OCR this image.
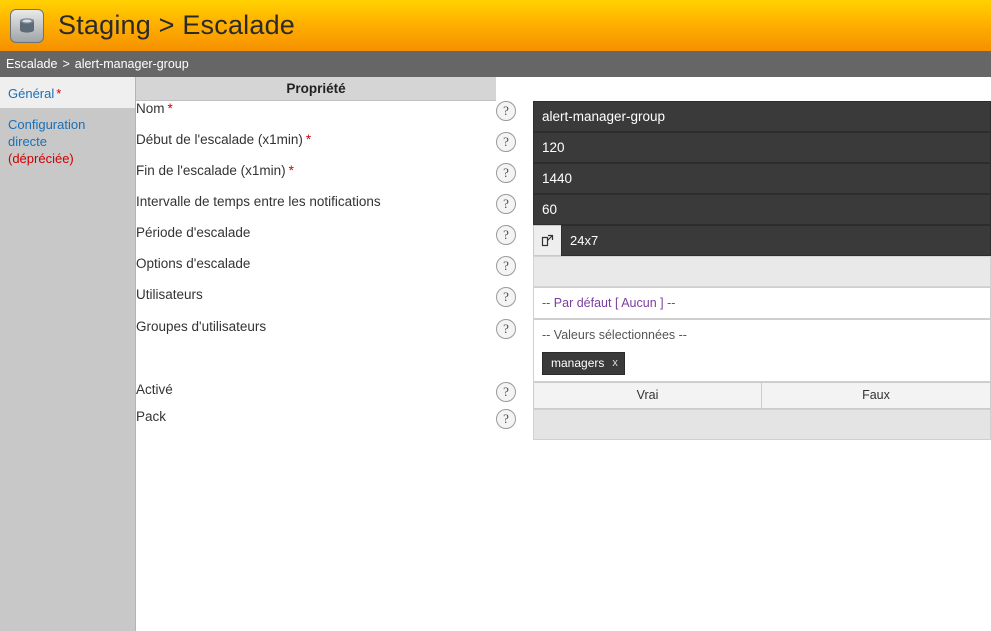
Staging > Escalade
Escalade > alert-manager-group
Général *
Configuration directe
(dépréciée)
Propriété		
Nom *	?	alert-manager-group

Début de l'escalade (x1min) *	?	120

Fin de l'escalade (x1min) *	?	1440

Intervalle de temps entre les notifications	?	60

Période d'escalade	?	24x7

Options d'escalade	?	

Utilisateurs	?	-- Par défaut [ Aucun ] --

Groupes d'utilisateurs	?	-- Valeurs sélectionnées --
managers x

Activé	?	Vrai Faux

Pack	?	
